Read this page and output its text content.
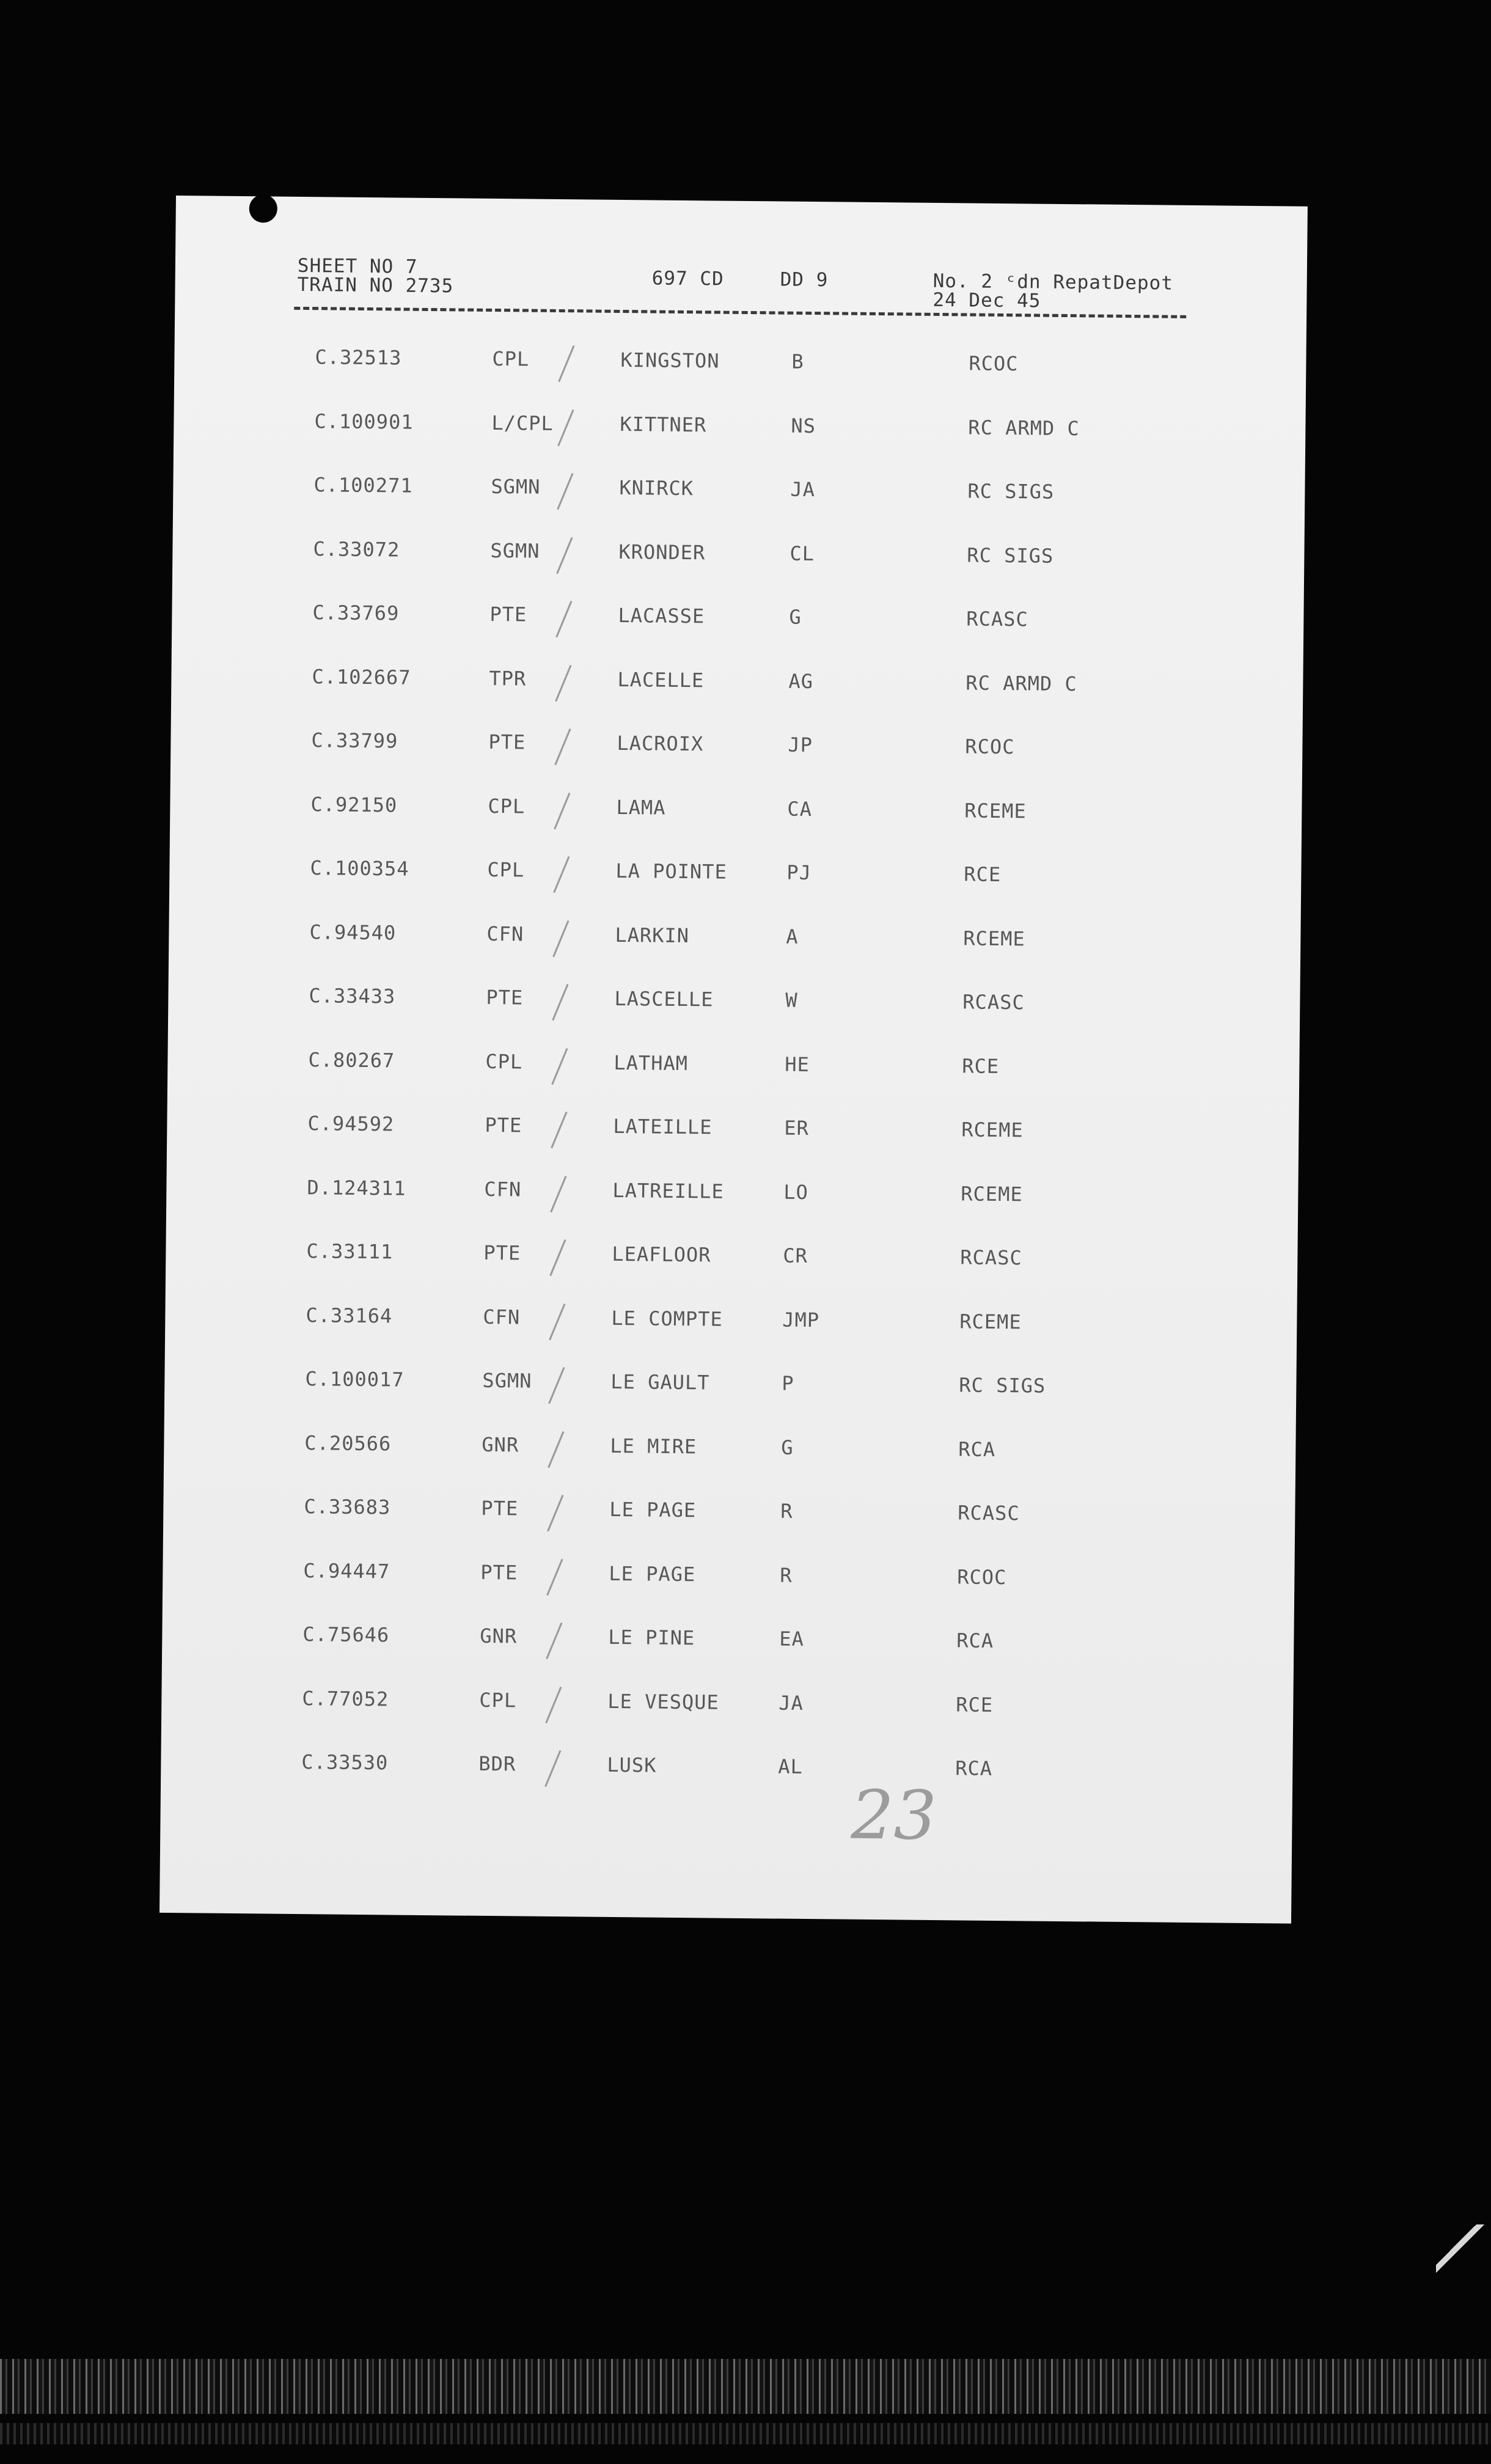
SHEET NO 7
TRAIN NO 2735	697 CD	DD 9	No. 2 ᶜdn RepatDepot
24 Dec 45
C.32513	CPL	KINGSTON	B	RCOC
C.100901	L/CPL	KITTNER	NS	RC ARMD C
C.100271	SGMN	KNIRCK	JA	RC SIGS
C.33072	SGMN	KRONDER	CL	RC SIGS
C.33769	PTE	LACASSE	G	RCASC
C.102667	TPR	LACELLE	AG	RC ARMD C
C.33799	PTE	LACROIX	JP	RCOC
C.92150	CPL	LAMA	CA	RCEME
C.100354	CPL	LA POINTE	PJ	RCE
C.94540	CFN	LARKIN	A	RCEME
C.33433	PTE	LASCELLE	W	RCASC
C.80267	CPL	LATHAM	HE	RCE
C.94592	PTE	LATEILLE	ER	RCEME
D.124311	CFN	LATREILLE	LO	RCEME
C.33111	PTE	LEAFLOOR	CR	RCASC
C.33164	CFN	LE COMPTE	JMP	RCEME
C.100017	SGMN	LE GAULT	P	RC SIGS
C.20566	GNR	LE MIRE	G	RCA
C.33683	PTE	LE PAGE	R	RCASC
C.94447	PTE	LE PAGE	R	RCOC
C.75646	GNR	LE PINE	EA	RCA
C.77052	CPL	LE VESQUE	JA	RCE
C.33530	BDR	LUSK	AL	RCA
23
